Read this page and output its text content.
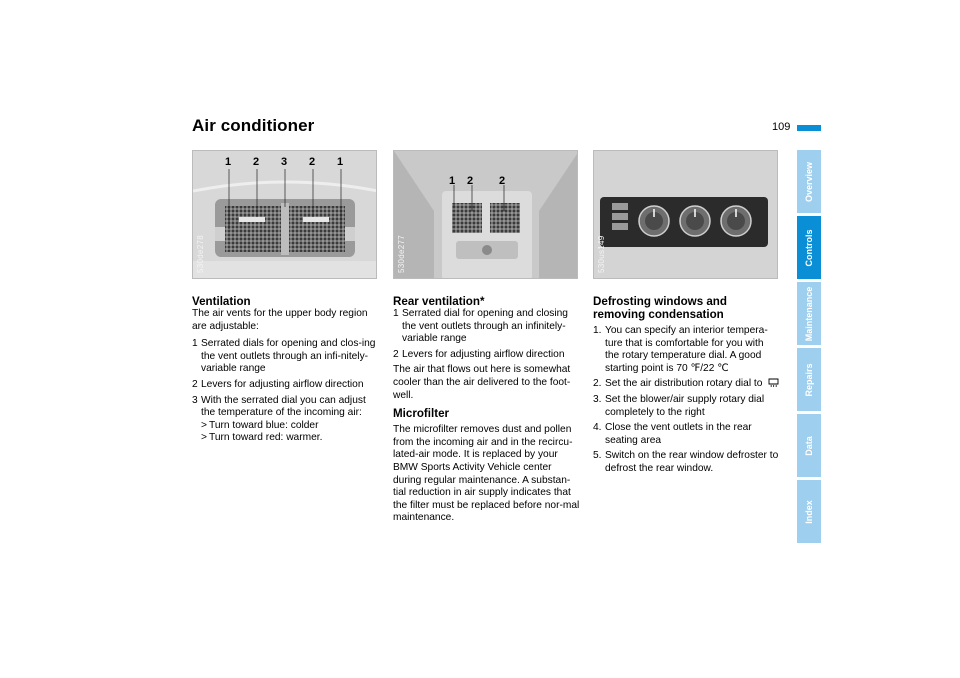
Air conditioner	109
Overview
Controls
Maintenance
Repairs
Data
Index
1 2 3 2 1
530de278
1 2 2
530de277	530us149
Ventilation

The air vents for the upper body region are adjustable:

1 Serrated dials for opening and clos-ing the vent outlets through an infi-nitely-variable range
2 Levers for adjusting airflow direction
3 With the serrated dial you can adjust the temperature of the incoming air:
> Turn toward blue: colder
> Turn toward red: warmer.
Rear ventilation*
1 Serrated dial for opening and closing the vent outlets through an infinitely-variable range
2 Levers for adjusting airflow direction

The air that flows out here is somewhat cooler than the air delivered to the foot-well.

Microfilter

The microfilter removes dust and pollen from the incoming air and in the recircu-lated-air mode. It is replaced by your BMW Sports Activity Vehicle center during regular maintenance. A substan-tial reduction in air supply indicates that the filter must be replaced before nor-mal maintenance.

Defrosting windows and removing condensation
1. You can specify an interior tempera-ture that is comfortable for you with the rotary temperature dial. A good starting point is 70 ℉/22 ℃
2. Set the air distribution rotary dial to
3. Set the blower/air supply rotary dial completely to the right
4. Close the vent outlets in the rear seating area
5. Switch on the rear window defroster to defrost the rear window.
